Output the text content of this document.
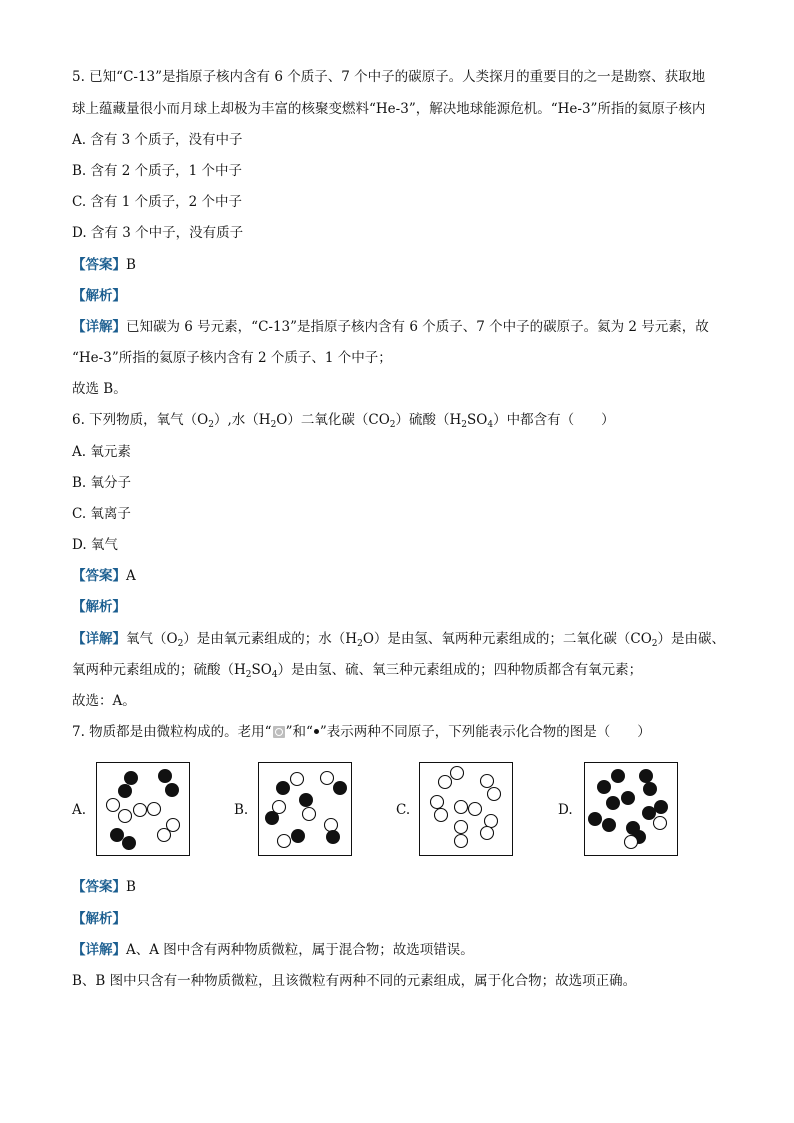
5. 已知“C-13”是指原子核内含有 6 个质子、7 个中子的碳原子。人类探月的重要目的之一是勘察、获取地
球上蕴藏量很小而月球上却极为丰富的核聚变燃料“He-3”，解决地球能源危机。“He-3”所指的氦原子核内
A. 含有 3 个质子，没有中子
B. 含有 2 个质子，1 个中子
C. 含有 1 个质子，2 个中子
D. 含有 3 个中子，没有质子
【答案】B
【解析】
【详解】已知碳为 6 号元素，“C-13”是指原子核内含有 6 个质子、7 个中子的碳原子。氦为 2 号元素，故
“He-3”所指的氦原子核内含有 2 个质子、1 个中子；
故选 B。
6. 下列物质，氧气$(O_2)$,水$(H_2O)$二氧化碳$(CO_2)$硫酸$(H_2SO_4)$中都含有（　　）
A. 氧元素
B. 氧分子
C. 氧离子
D. 氧气
【答案】A
【解析】
【详解】氧气$(O_2)$是由氧元素组成的；水$(H_2O)$是由氢、氧两种元素组成的；二氧化碳$(CO_2)$是由碳、
氧两种元素组成的；硫酸$(H_2SO_4)$是由氢、硫、氧三种元素组成的；四种物质都含有氧元素；
故选：A。
7. 物质都是由微粒构成的。老用“ ”和“ ”表示两种不同原子，下列能表示化合物的图是（　　）
A.	B.	C.	D.
【答案】B
【解析】
【详解】A、A 图中含有两种物质微粒，属于混合物；故选项错误。
B、B 图中只含有一种物质微粒，且该微粒有两种不同的元素组成，属于化合物；故选项正确。
